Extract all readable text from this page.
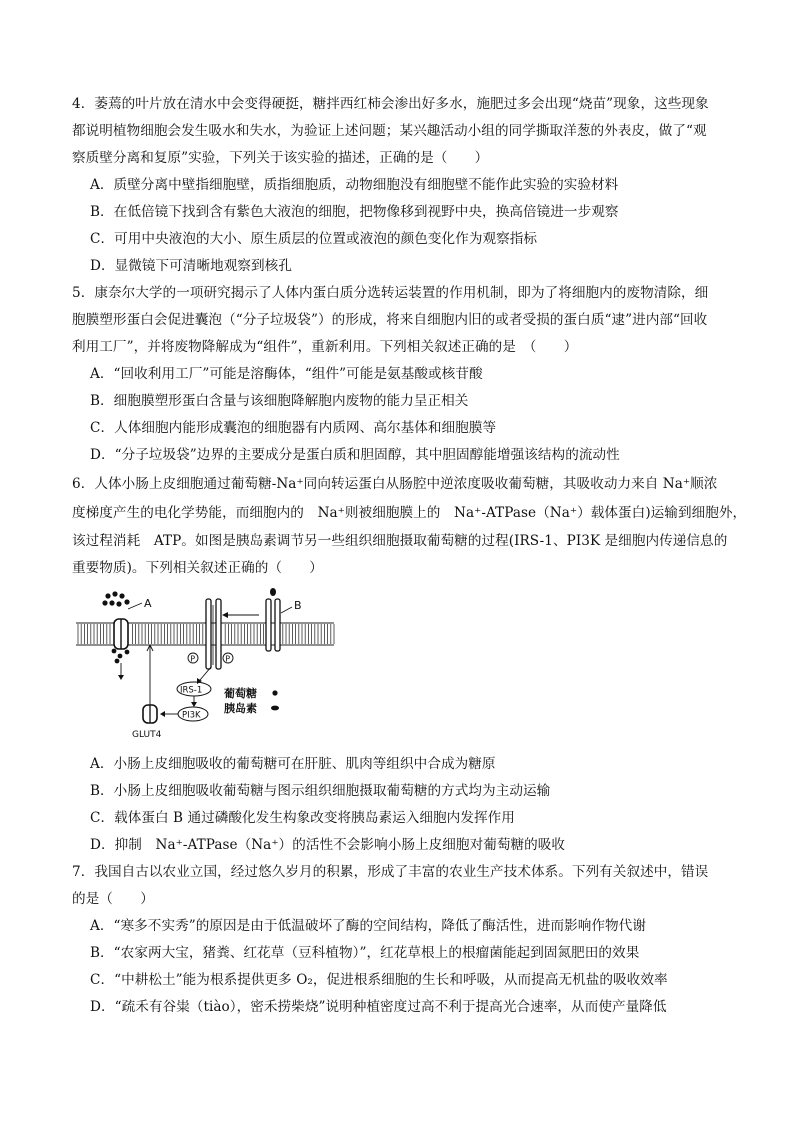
4．萎蔫的叶片放在清水中会变得硬挺，糖拌西红柿会渗出好多水，施肥过多会出现“烧苗”现象，这些现象
都说明植物细胞会发生吸水和失水，为验证上述问题；某兴趣活动小组的同学撕取洋葱的外表皮，做了“观
察质壁分离和复原”实验，下列关于该实验的描述，正确的是（　　）
A．质壁分离中壁指细胞壁，质指细胞质，动物细胞没有细胞壁不能作此实验的实验材料
B．在低倍镜下找到含有紫色大液泡的细胞，把物像移到视野中央，换高倍镜进一步观察
C．可用中央液泡的大小、原生质层的位置或液泡的颜色变化作为观察指标
D．显微镜下可清晰地观察到核孔
5．康奈尔大学的一项研究揭示了人体内蛋白质分选转运装置的作用机制，即为了将细胞内的废物清除，细
胞膜塑形蛋白会促进囊泡（“分子垃圾袋”）的形成，将来自细胞内旧的或者受损的蛋白质“逮”进内部“回收
利用工厂”，并将废物降解成为“组件”，重新利用。下列相关叙述正确的是　（　　）
A．“回收利用工厂”可能是溶酶体，“组件”可能是氨基酸或核苷酸
B．细胞膜塑形蛋白含量与该细胞降解胞内废物的能力呈正相关
C．人体细胞内能形成囊泡的细胞器有内质网、高尔基体和细胞膜等
D．“分子垃圾袋”边界的主要成分是蛋白质和胆固醇，其中胆固醇能增强该结构的流动性
6．人体小肠上皮细胞通过葡萄糖-Na⁺同向转运蛋白从肠腔中逆浓度吸收葡萄糖，其吸收动力来自 Na⁺顺浓
度梯度产生的电化学势能，而细胞内的　Na⁺则被细胞膜上的　Na⁺-ATPase（Na⁺）载体蛋白)运输到细胞外，
该过程消耗　ATP。如图是胰岛素调节另一些组织细胞摄取葡萄糖的过程(IRS-1、PI3K 是细胞内传递信息的
重要物质)。下列相关叙述正确的（　　）
A	B
P	P
IRS-1
PI3K
GLUT4
葡萄糖
胰岛素
A．小肠上皮细胞吸收的葡萄糖可在肝脏、肌肉等组织中合成为糖原
B．小肠上皮细胞吸收葡萄糖与图示组织细胞摄取葡萄糖的方式均为主动运输
C．载体蛋白 B 通过磷酸化发生构象改变将胰岛素运入细胞内发挥作用
D．抑制　Na⁺-ATPase（Na⁺）的活性不会影响小肠上皮细胞对葡萄糖的吸收
7．我国自古以农业立国，经过悠久岁月的积累，形成了丰富的农业生产技术体系。下列有关叙述中，错误
的是（　　）
A．“寒多不实秀”的原因是由于低温破坏了酶的空间结构，降低了酶活性，进而影响作物代谢
B．“农家两大宝，猪粪、红花草（豆科植物）”，红花草根上的根瘤菌能起到固氮肥田的效果
C．“中耕松土”能为根系提供更多 O₂，促进根系细胞的生长和呼吸，从而提高无机盐的吸收效率
D．“疏禾有谷粜（tiào），密禾捞柴烧”说明种植密度过高不利于提高光合速率，从而使产量降低
